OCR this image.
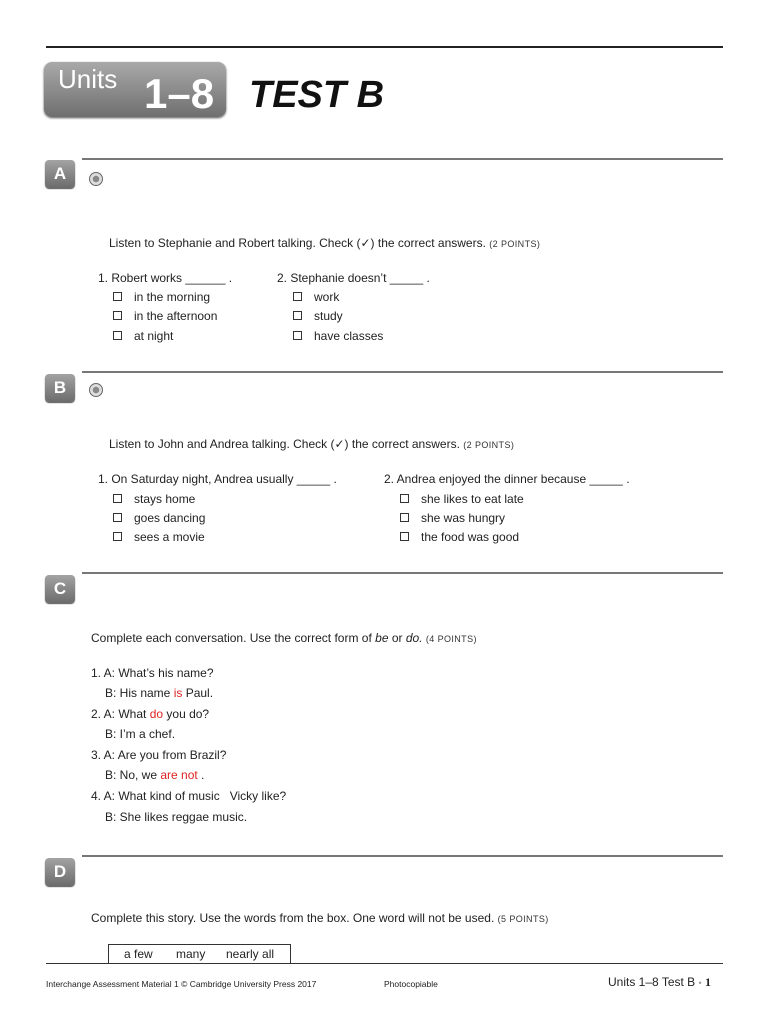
Units 1–8 TEST B
A
Listen to Stephanie and Robert talking. Check (✓) the correct answers. (2 POINTS)
1. Robert works ______ .
in the morning
in the afternoon
at night
2. Stephanie doesn’t _____ .
work
study
have classes
B
Listen to John and Andrea talking. Check (✓) the correct answers. (2 POINTS)
1. On Saturday night, Andrea usually _____ .
stays home
goes dancing
sees a movie
2. Andrea enjoyed the dinner because _____ .
she likes to eat late
she was hungry
the food was good
C
Complete each conversation. Use the correct form of be or do. (4 POINTS)
1. A: What’s his name?
B: His name is Paul.
2. A: What do you do?
B: I’m a chef.
3. A: Are you from Brazil?
B: No, we are not .
4. A: What kind of music   Vicky like?
B: She likes reggae music.
D
Complete this story. Use the words from the box. One word will not be used. (5 POINTS)
a few many nearly all
Interchange Assessment Material 1 © Cambridge University Press 2017	Photocopiable	Units 1–8 Test B • 1
